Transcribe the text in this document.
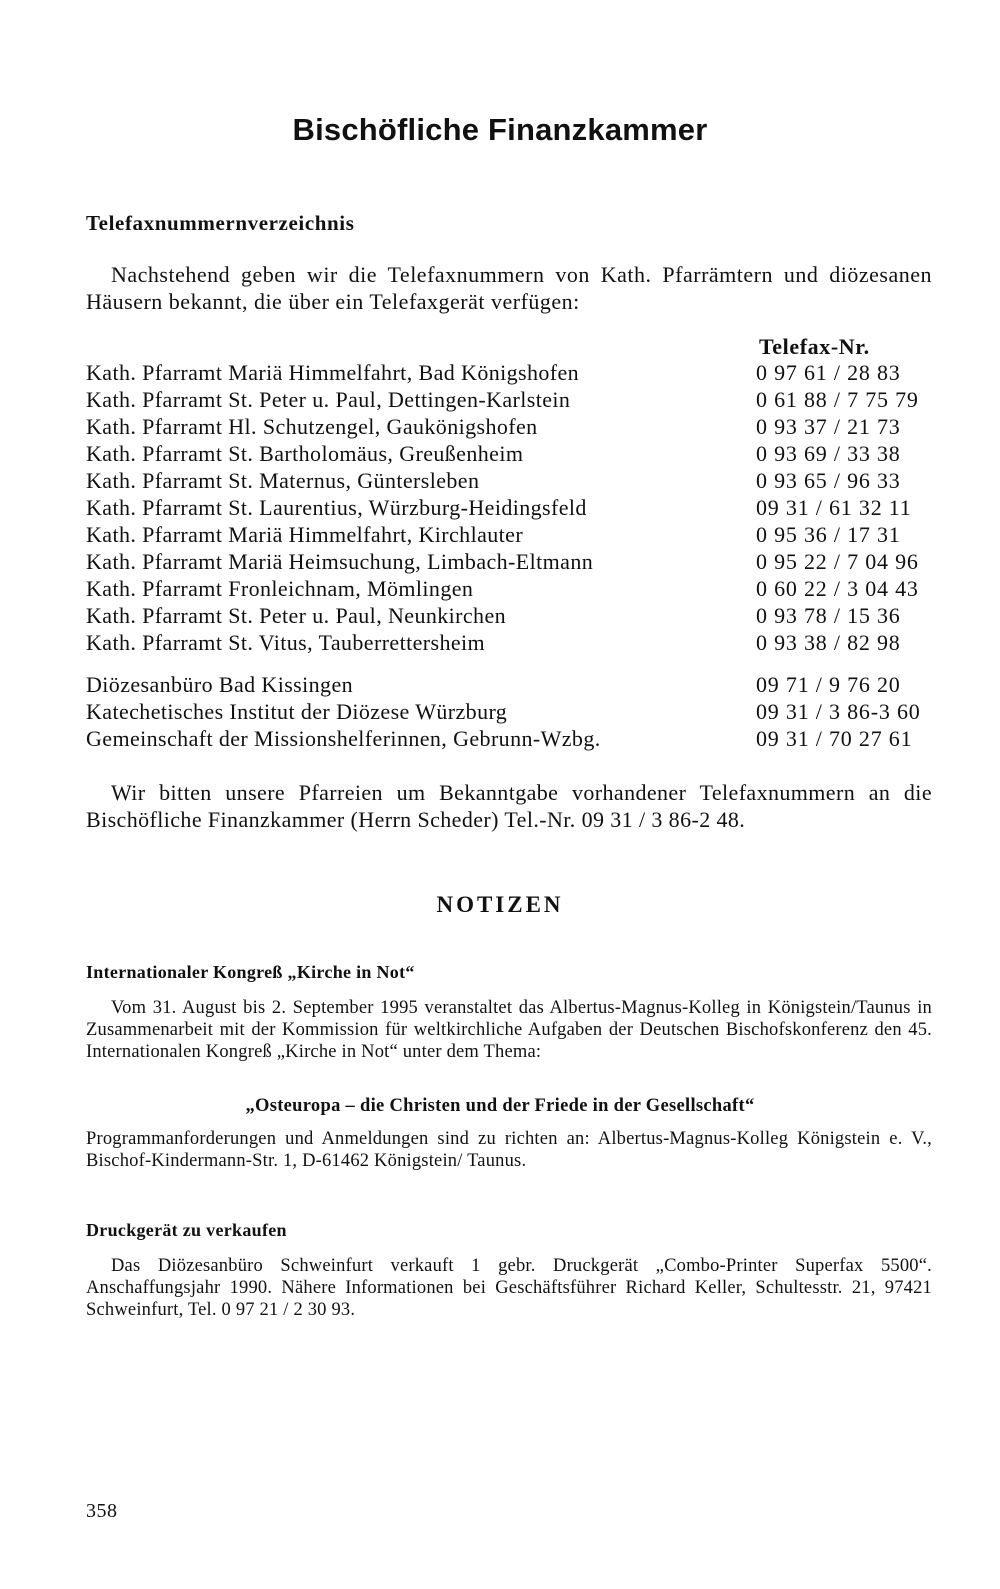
Bischöfliche Finanzkammer
Telefaxnummernverzeichnis
Nachstehend geben wir die Telefaxnummern von Kath. Pfarrämtern und diözesanen Häusern bekannt, die über ein Telefaxgerät verfügen:
Telefax-Nr.
Kath. Pfarramt Mariä Himmelfahrt, Bad Königshofen	0 97 61 / 28 83
Kath. Pfarramt St. Peter u. Paul, Dettingen-Karlstein	0 61 88 / 7 75 79
Kath. Pfarramt Hl. Schutzengel, Gaukönigshofen	0 93 37 / 21 73
Kath. Pfarramt St. Bartholomäus, Greußenheim	0 93 69 / 33 38
Kath. Pfarramt St. Maternus, Güntersleben	0 93 65 / 96 33
Kath. Pfarramt St. Laurentius, Würzburg-Heidingsfeld	09 31 / 61 32 11
Kath. Pfarramt Mariä Himmelfahrt, Kirchlauter	0 95 36 / 17 31
Kath. Pfarramt Mariä Heimsuchung, Limbach-Eltmann	0 95 22 / 7 04 96
Kath. Pfarramt Fronleichnam, Mömlingen	0 60 22 / 3 04 43
Kath. Pfarramt St. Peter u. Paul, Neunkirchen	0 93 78 / 15 36
Kath. Pfarramt St. Vitus, Tauberrettersheim	0 93 38 / 82 98
Diözesanbüro Bad Kissingen	09 71 / 9 76 20
Katechetisches Institut der Diözese Würzburg	09 31 / 3 86-3 60
Gemeinschaft der Missionshelferinnen, Gebrunn-Wzbg.	09 31 / 70 27 61
Wir bitten unsere Pfarreien um Bekanntgabe vorhandener Telefaxnummern an die Bischöfliche Finanzkammer (Herrn Scheder) Tel.-Nr. 09 31 / 3 86-2 48.
NOTIZEN
Internationaler Kongreß „Kirche in Not“
Vom 31. August bis 2. September 1995 veranstaltet das Albertus-Magnus-Kolleg in Königstein/Taunus in Zusammenarbeit mit der Kommission für weltkirchliche Aufgaben der Deutschen Bischofskonferenz den 45. Internationalen Kongreß „Kirche in Not“ unter dem Thema:
„Osteuropa – die Christen und der Friede in der Gesellschaft“
Programmanforderungen und Anmeldungen sind zu richten an: Albertus-Magnus-Kolleg Königstein e. V., Bischof-Kindermann-Str. 1, D-61462 Königstein/ Taunus.
Druckgerät zu verkaufen
Das Diözesanbüro Schweinfurt verkauft 1 gebr. Druckgerät „Combo-Printer Superfax 5500“. Anschaffungsjahr 1990. Nähere Informationen bei Geschäftsführer Richard Keller, Schultesstr. 21, 97421 Schweinfurt, Tel. 0 97 21 / 2 30 93.
358
